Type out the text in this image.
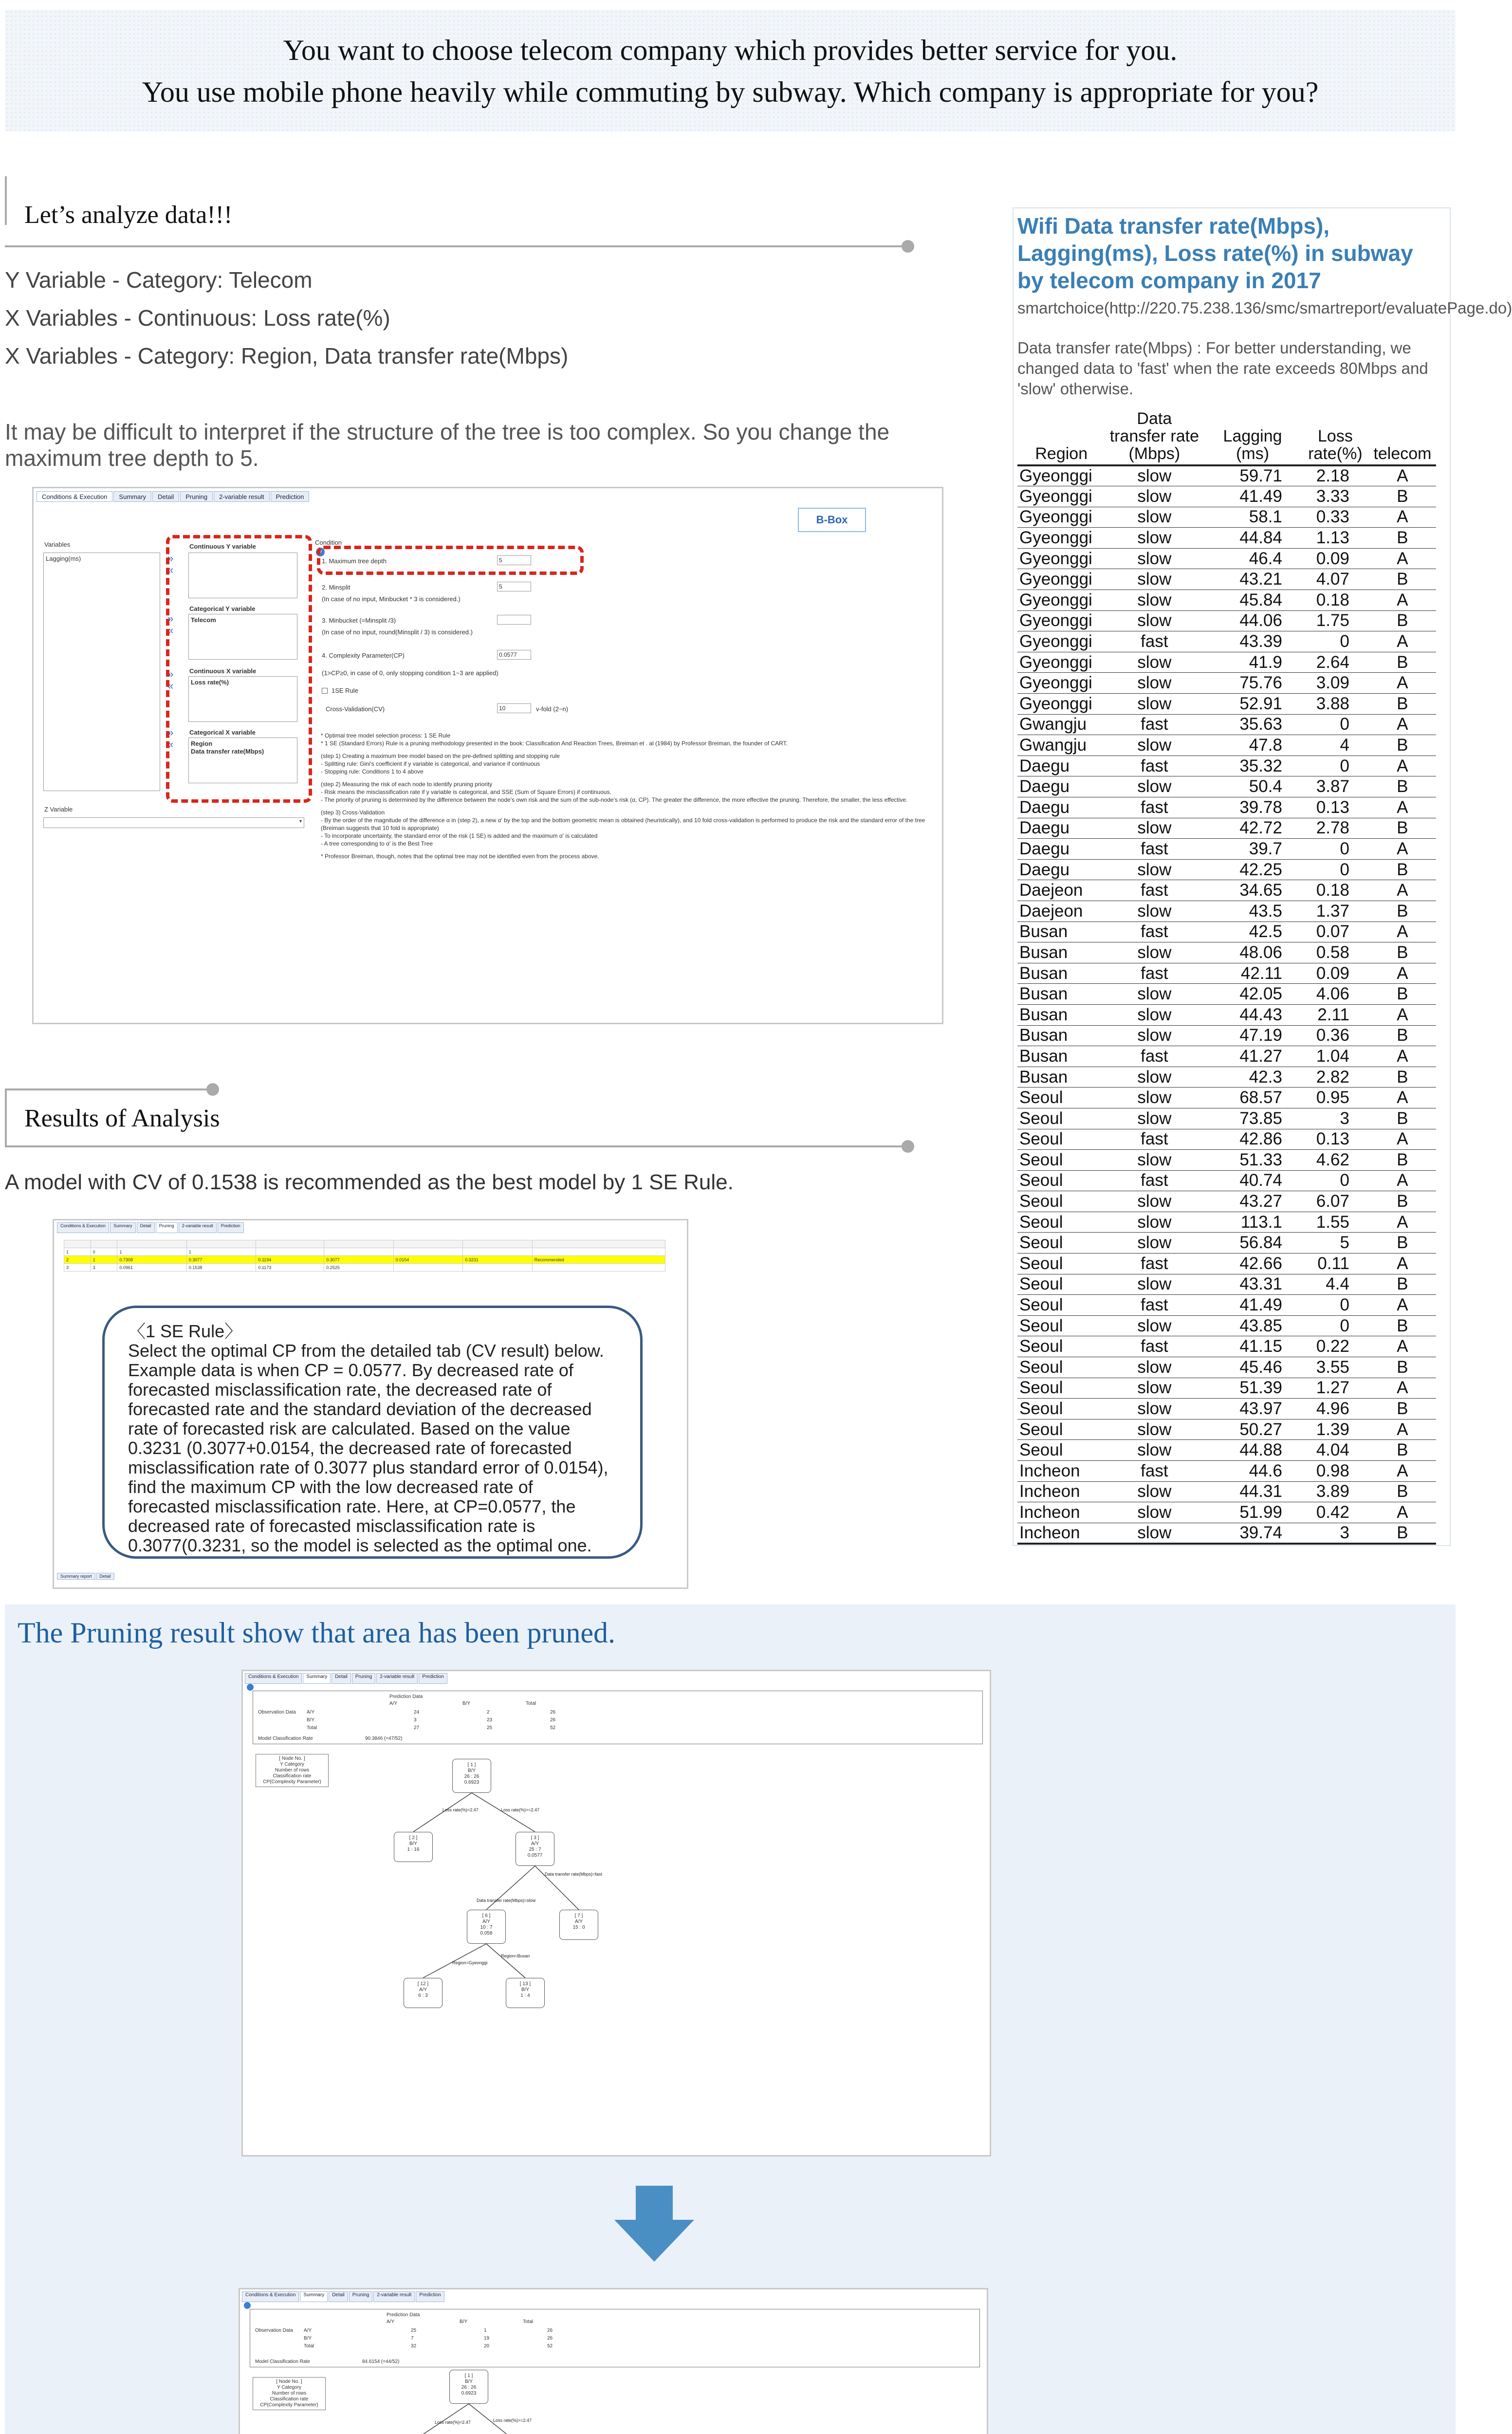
You want to choose telecom company which provides better service for you.
You use mobile phone heavily while commuting by subway. Which company is appropriate for you?
Let’s analyze data!!!
Y Variable - Category: Telecom
X Variables - Continuous: Loss rate(%)
X Variables - Category: Region, Data transfer rate(Mbps)
It may be difficult to interpret if the structure of the tree is too complex. So you change the maximum tree depth to 5.
Conditions & Execution	Summary	Detail	Pruning	2-variable result	Prediction
B-Box
Variables
Lagging(ms)
Z Variable
▾
»
«
»
«
»
«
»
«
Continuous Y variable
Categorical Y variable
Telecom
Continuous X variable
Loss rate(%)
Categorical X variable
Region
Data transfer rate(Mbps)
Condition
?
1. Maximum tree depth	5
2. Minsplit	5
(In case of no input, Minbucket * 3 is considered.)
3. Minbucket (=Minsplit /3)
(In case of no input, round(Minsplit / 3) is considered.)
4. Complexity Parameter(CP)	0.0577
(1>CP≥0, in case of 0, only stopping condition 1~3 are applied)
1SE Rule
Cross-Validation(CV)	10	v-fold (2~n)
* Optimal tree model selection process: 1 SE Rule
* 1 SE (Standard Errors) Rule is a pruning methodology presented in the book: Classification And Reaction Trees, Breiman et . al (1984) by Professor Breiman, the founder of CART.
(step 1) Creating a maximum tree model based on the pre-defined splitting and stopping rule
- Splitting rule: Gini's coefficient if y variable is categorical, and variance if continuous
- Stopping rule: Conditions 1 to 4 above
(step 2) Measuring the risk of each node to identify pruning priority
- Risk means the misclassification rate if y variable is categorical, and SSE (Sum of Square Errors) if continuous.
- The priority of pruning is determined by the difference between the node's own risk and the sum of the sub-node's risk (α, CP). The greater the difference, the more effective the pruning. Therefore, the smaller, the less effective.
(step 3) Cross-Validation
- By the order of the magnitude of the difference α in (step 2), a new α' by the top and the bottom geometric mean is obtained (heuristically), and 10 fold cross-validation is performed to produce the risk and the standard error of the tree (Breiman suggests that 10 fold is appropriate)
- To incorporate uncertainty, the standard error of the risk (1 SE) is added and the maximum α' is calculated
- A tree corresponding to α' is the Best Tree
* Professor Breiman, though, notes that the optimal tree may not be identified even from the process above.
Results of Analysis
A model with CV of 0.1538 is recommended as the best model by 1 SE Rule.
Conditions & Execution	Summary	Detail	Pruning	2-variable result	Prediction

1	0	1	1					
2	1	0.7308	0.3077	0.1194	0.3077	0.0154	0.3231	Recommended
3	3	0.0961	0.1538	0.1173	0.2525			
Summary report	Detail
〈1 SE Rule〉
Select the optimal CP from the detailed tab (CV result) below. Example data is when CP = 0.0577. By decreased rate of forecasted misclassification rate, the decreased rate of forecasted rate and the standard deviation of the decreased rate of forecasted risk are calculated. Based on the value 0.3231 (0.3077+0.0154, the decreased rate of forecasted misclassification rate of 0.3077 plus standard error of 0.0154), find the maximum CP with the low decreased rate of forecasted misclassification rate. Here, at CP=0.0577, the decreased rate of forecasted misclassification rate is 0.3077(0.3231, so the model is selected as the optimal one.
Wifi Data transfer rate(Mbps), Lagging(ms), Loss rate(%) in subway by telecom company in 2017
smartchoice(http://220.75.238.136/smc/smartreport/evaluatePage.do)
Data transfer rate(Mbps) : For better understanding, we changed data to 'fast' when the rate exceeds 80Mbps and 'slow' otherwise.
Region	Data transfer rate (Mbps)	Lagging (ms)	Loss rate(%)	telecom
Gyeonggi	slow	59.71	2.18	A
Gyeonggi	slow	41.49	3.33	B
Gyeonggi	slow	58.1	0.33	A
Gyeonggi	slow	44.84	1.13	B
Gyeonggi	slow	46.4	0.09	A
Gyeonggi	slow	43.21	4.07	B
Gyeonggi	slow	45.84	0.18	A
Gyeonggi	slow	44.06	1.75	B
Gyeonggi	fast	43.39	0	A
Gyeonggi	slow	41.9	2.64	B
Gyeonggi	slow	75.76	3.09	A
Gyeonggi	slow	52.91	3.88	B
Gwangju	fast	35.63	0	A
Gwangju	slow	47.8	4	B
Daegu	fast	35.32	0	A
Daegu	slow	50.4	3.87	B
Daegu	fast	39.78	0.13	A
Daegu	slow	42.72	2.78	B
Daegu	fast	39.7	0	A
Daegu	slow	42.25	0	B
Daejeon	fast	34.65	0.18	A
Daejeon	slow	43.5	1.37	B
Busan	fast	42.5	0.07	A
Busan	slow	48.06	0.58	B
Busan	fast	42.11	0.09	A
Busan	slow	42.05	4.06	B
Busan	slow	44.43	2.11	A
Busan	slow	47.19	0.36	B
Busan	fast	41.27	1.04	A
Busan	slow	42.3	2.82	B
Seoul	slow	68.57	0.95	A
Seoul	slow	73.85	3	B
Seoul	fast	42.86	0.13	A
Seoul	slow	51.33	4.62	B
Seoul	fast	40.74	0	A
Seoul	slow	43.27	6.07	B
Seoul	slow	113.1	1.55	A
Seoul	slow	56.84	5	B
Seoul	fast	42.66	0.11	A
Seoul	slow	43.31	4.4	B
Seoul	fast	41.49	0	A
Seoul	slow	43.85	0	B
Seoul	fast	41.15	0.22	A
Seoul	slow	45.46	3.55	B
Seoul	slow	51.39	1.27	A
Seoul	slow	43.97	4.96	B
Seoul	slow	50.27	1.39	A
Seoul	slow	44.88	4.04	B
Incheon	fast	44.6	0.98	A
Incheon	slow	44.31	3.89	B
Incheon	slow	51.99	0.42	A
Incheon	slow	39.74	3	B
The Pruning result show that area has been pruned.
Conditions & Execution	Summary	Detail	Pruning	2-variable result	Prediction
Prediction Data
A/Y	B/Y	Total
Observation Data A/Y	24	2	26
B/Y	3	23	26
Total	27	25	52
Model Classification Rate	90.3846 (=47/52)
[ Node No. ]
Y Category
Number of rows
Classification rate
CP(Complexity Parameter)
[ 1 ]
B/Y
26 : 26
0.6923
[ 2 ]
B/Y
1 : 16
[ 3 ]
A/Y
25 : 7
0.0577
[ 6 ]
A/Y
10 : 7
0.058
[ 7 ]
A/Y
15 : 0
[ 12 ]
A/Y
6 : 3
[ 13 ]
B/Y
1 : 4
Loss rate(%)<2.47	Loss rate(%)>=2.47
Data transfer rate(Mbps)=fast
Data transfer rate(Mbps)=slow
Region=Gyeonggi
Region=Busan
Conditions & Execution	Summary	Detail	Pruning	2-variable result	Prediction
Prediction Data
A/Y	B/Y	Total
Observation Data A/Y	25	1	26
B/Y	7	19	26
Total	32	20	52
Model Classification Rate	84.6154 (=44/52)
[ Node No. ]
Y Category
Number of rows
Classification rate
CP(Complexity Parameter)
[ 1 ]
B/Y
26 : 26
0.6923
Loss rate(%)<2.47	Loss rate(%)>=2.47
